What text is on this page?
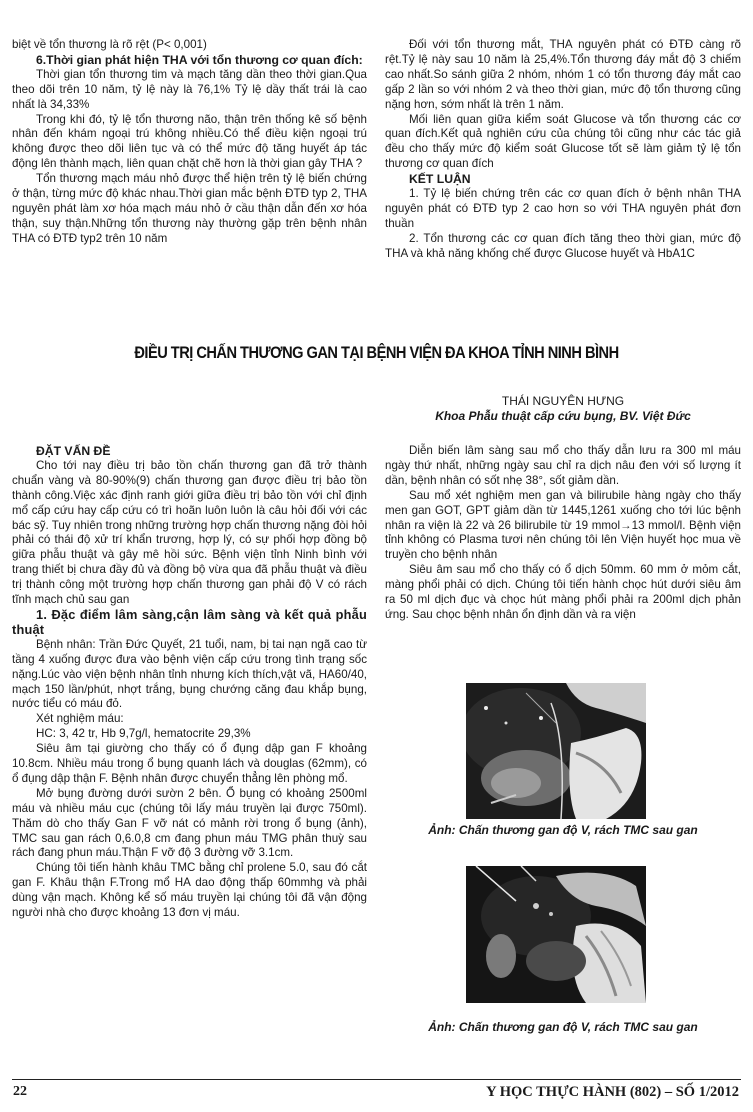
biệt về tổn thương là rõ rệt (P< 0,001)

6.Thời gian phát hiện THA với tổn thương cơ quan đích:

Thời gian tổn thương tim và mạch tăng dần theo thời gian.Qua theo dõi trên 10 năm, tỷ lệ này là 76,1% Tỷ lệ dầy thất trái là cao nhất là 34,33%

Trong khi đó, tỷ lệ tổn thương não, thận trên thống kê số bệnh nhân đến khám ngoại trú không nhiều.Có thể điều kiện ngoại trú không được theo dõi liên tục và có thể mức độ tăng huyết áp tác động lên thành mạch, liên quan chặt chẽ hơn là thời gian gây THA ?

Tổn thương mạch máu nhỏ được thể hiện trên tỷ lệ biến chứng ở thận, từng mức độ khác nhau.Thời gian mắc bệnh ĐTĐ typ 2, THA nguyên phát làm xơ hóa mạch máu nhỏ ở cầu thận dẫn đến xơ hóa thận, suy thận.Những tổn thương này thường gặp trên bệnh nhân THA có ĐTĐ typ2 trên 10 năm

Đối với tổn thương mắt, THA nguyên phát có ĐTĐ càng rõ rệt.Tỷ lệ này sau 10 năm là 25,4%.Tổn thương đáy mắt độ 3 chiếm cao nhất.So sánh giữa 2 nhóm, nhóm 1 có tổn thương đáy mắt cao gấp 2 lần so với nhóm 2 và theo thời gian, mức độ tổn thương cũng nặng hơn, sớm nhất là trên 1 năm.

Mối liên quan giữa kiểm soát Glucose và tổn thương các cơ quan đích.Kết quả nghiên cứu của chúng tôi cũng như các tác giả đều cho thấy mức độ kiểm soát Glucose tốt sẽ làm giảm tỷ lệ tổn thương cơ quan đích

KẾT LUẬN

1. Tỷ lệ biến chứng trên các cơ quan đích ở bệnh nhân THA nguyên phát có ĐTĐ typ 2 cao hơn so với THA nguyên phát đơn thuần

2. Tổn thương các cơ quan đích tăng theo thời gian, mức độ THA và khả năng khống chế được Glucose huyết và HbA1C

ĐIỀU TRỊ CHẤN THƯƠNG GAN TẠI BỆNH VIỆN ĐA KHOA TỈNH NINH BÌNH
THÁI NGUYÊN HƯNG
Khoa Phẫu thuật cấp cứu bụng, BV. Việt Đức

ĐẶT VẤN ĐỀ

Cho tới nay điều trị bảo tồn chấn thương gan đã trở thành chuẩn vàng và 80-90%(9) chấn thương gan được điều trị bảo tồn thành công.Việc xác định ranh giới giữa điều trị bảo tồn với chỉ định mổ cấp cứu hay cấp cứu có trì hoãn luôn luôn là câu hỏi đối với các bác sỹ. Tuy nhiên trong những trường hợp chấn thương nặng đòi hỏi phải có thái độ xử trí khẩn trương, hợp lý, có sự phối hợp đồng bộ giữa phẫu thuật và gây mê hồi sức. Bệnh viện tỉnh Ninh bình với trang thiết bị chưa đầy đủ và đồng bộ vừa qua đã phẫu thuật và điều trị thành công một trường hợp chấn thương gan phải độ V có rách tĩnh mạch chủ sau gan

1. Đặc điểm lâm sàng,cận lâm sàng và kết quả phẫu thuật

Bệnh nhân: Trần Đức Quyết, 21 tuổi, nam, bị tai nạn ngã cao từ tầng 4 xuống được đưa vào bệnh viện cấp cứu trong tình trạng sốc nặng.Lúc vào viện bệnh nhân tỉnh nhưng kích thích,vật vã, HA60/40, mạch 150 lần/phút, nhợt trắng, bụng chướng căng đau khắp bụng, nước tiểu có máu đỏ.

Xét nghiệm máu:

HC: 3, 42 tr, Hb 9,7g/l, hematocrite 29,3%

Siêu âm tại giường cho thấy có ổ đụng dập gan F khoảng 10.8cm. Nhiều máu trong ổ bụng quanh lách và douglas (62mm), có ổ đụng dập thận F. Bệnh nhân được chuyển thẳng lên phòng mổ.

Mở bụng đường dưới sườn 2 bên. Ổ bụng có khoảng 2500ml máu và nhiều máu cục (chúng tôi lấy máu truyền lại được 750ml). Thăm dò cho thấy Gan F vỡ nát có mảnh rời trong ổ bụng (ảnh), TMC sau gan rách 0,6.0,8 cm đang phun máu TMG phân thuỳ sau rách đang phun máu.Thận F vỡ độ 3 đường vỡ 3.1cm.

Chúng tôi tiến hành khâu TMC bằng chỉ prolene 5.0, sau đó cắt gan F. Khâu thận F.Trong mổ HA dao động thấp 60mmhg và phải dùng vận mạch. Không kể số máu truyền lại chúng tôi đã vận động người nhà cho được khoảng 13 đơn vị máu.

Diễn biến lâm sàng sau mổ cho thấy dẫn lưu ra 300 ml máu ngày thứ nhất, những ngày sau chỉ ra dịch nâu đen với số lượng ít dần, bệnh nhân có sốt nhẹ 38°, sốt giảm dần.

Sau mổ xét nghiệm men gan và bilirubile hàng ngày cho thấy men gan GOT, GPT giảm dần từ 1445,1261 xuống cho tới lúc bệnh nhân ra viện là 22 và 26 bilirubile từ 19 mmol→13 mmol/l. Bệnh viện tỉnh không có Plasma tươi nên chúng tôi lên Viện huyết học mua về truyền cho bệnh nhân

Siêu âm sau mổ cho thấy có ổ dịch 50mm. 60 mm ở mỏm cắt, màng phổi phải có dịch. Chúng tôi tiến hành chọc hút dưới siêu âm ra 50 ml dịch đục và chọc hút màng phổi phải ra 200ml dịch phản ứng. Sau chọc bệnh nhân ổn định dần và ra viện

Ảnh: Chấn thương gan độ V, rách TMC sau gan
Ảnh: Chấn thương gan độ V, rách TMC sau gan
22	Y HỌC THỰC HÀNH (802) – SỐ 1/2012
